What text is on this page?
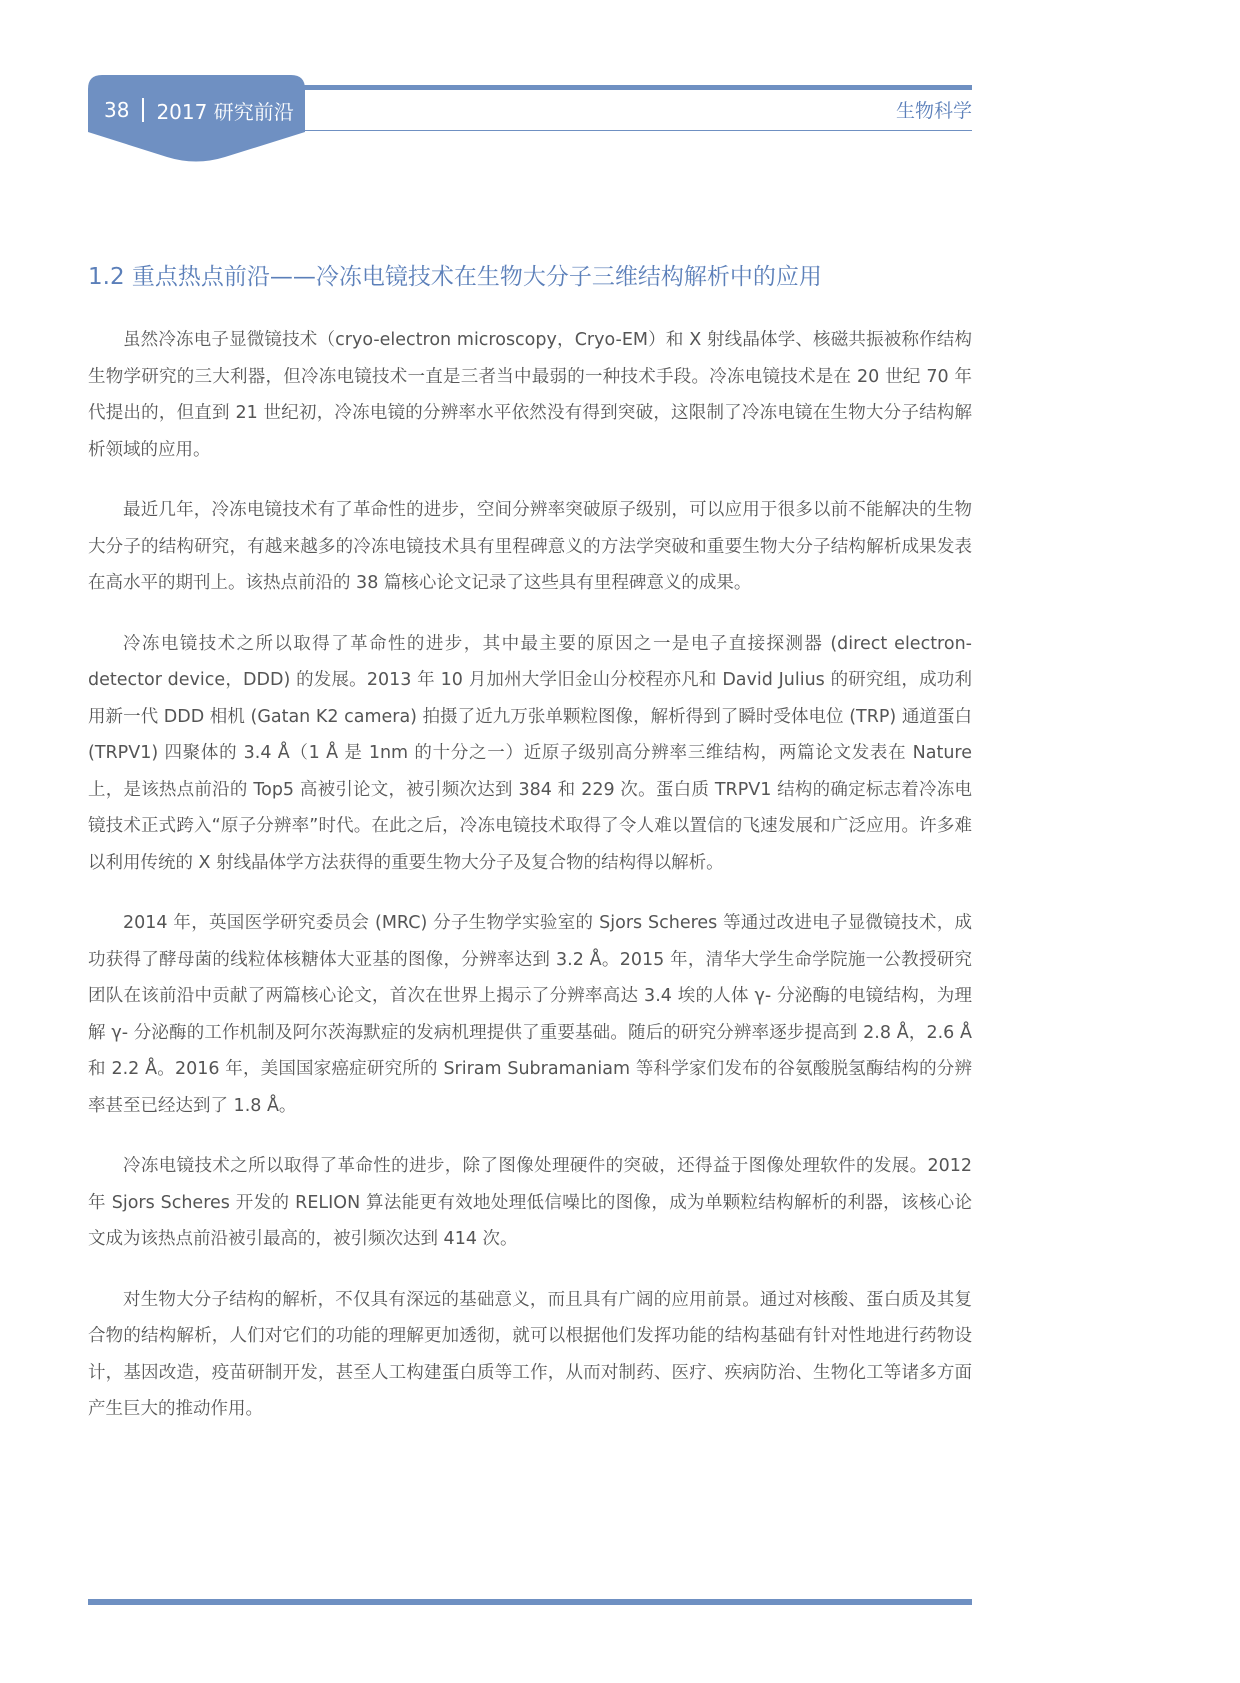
38 2017 研究前沿	生物科学
1.2 重点热点前沿——冷冻电镜技术在生物大分子三维结构解析中的应用

虽然冷冻电子显微镜技术（cryo-electron microscopy，Cryo-EM）和 X 射线晶体学、核磁共振被称作结构生物学研究的三大利器，但冷冻电镜技术一直是三者当中最弱的一种技术手段。冷冻电镜技术是在 20 世纪 70 年代提出的，但直到 21 世纪初，冷冻电镜的分辨率水平依然没有得到突破，这限制了冷冻电镜在生物大分子结构解析领域的应用。

最近几年，冷冻电镜技术有了革命性的进步，空间分辨率突破原子级别，可以应用于很多以前不能解决的生物大分子的结构研究，有越来越多的冷冻电镜技术具有里程碑意义的方法学突破和重要生物大分子结构解析成果发表在高水平的期刊上。该热点前沿的 38 篇核心论文记录了这些具有里程碑意义的成果。

冷冻电镜技术之所以取得了革命性的进步，其中最主要的原因之一是电子直接探测器 (direct electron-detector device，DDD) 的发展。2013 年 10 月加州大学旧金山分校程亦凡和 David Julius 的研究组，成功利用新一代 DDD 相机 (Gatan K2 camera) 拍摄了近九万张单颗粒图像，解析得到了瞬时受体电位 (TRP) 通道蛋白 (TRPV1) 四聚体的 3.4 Å（1 Å 是 1nm 的十分之一）近原子级别高分辨率三维结构，两篇论文发表在 Nature 上，是该热点前沿的 Top5 高被引论文，被引频次达到 384 和 229 次。蛋白质 TRPV1 结构的确定标志着冷冻电镜技术正式跨入“原子分辨率”时代。在此之后，冷冻电镜技术取得了令人难以置信的飞速发展和广泛应用。许多难以利用传统的 X 射线晶体学方法获得的重要生物大分子及复合物的结构得以解析。

2014 年，英国医学研究委员会 (MRC) 分子生物学实验室的 Sjors Scheres 等通过改进电子显微镜技术，成功获得了酵母菌的线粒体核糖体大亚基的图像，分辨率达到 3.2 Å。2015 年，清华大学生命学院施一公教授研究团队在该前沿中贡献了两篇核心论文，首次在世界上揭示了分辨率高达 3.4 埃的人体 γ- 分泌酶的电镜结构，为理解 γ- 分泌酶的工作机制及阿尔茨海默症的发病机理提供了重要基础。随后的研究分辨率逐步提高到 2.8 Å，2.6 Å 和 2.2 Å。2016 年，美国国家癌症研究所的 Sriram Subramaniam 等科学家们发布的谷氨酸脱氢酶结构的分辨率甚至已经达到了 1.8 Å。

冷冻电镜技术之所以取得了革命性的进步，除了图像处理硬件的突破，还得益于图像处理软件的发展。2012 年 Sjors Scheres 开发的 RELION 算法能更有效地处理低信噪比的图像，成为单颗粒结构解析的利器，该核心论文成为该热点前沿被引最高的，被引频次达到 414 次。

对生物大分子结构的解析，不仅具有深远的基础意义，而且具有广阔的应用前景。通过对核酸、蛋白质及其复合物的结构解析，人们对它们的功能的理解更加透彻，就可以根据他们发挥功能的结构基础有针对性地进行药物设计，基因改造，疫苗研制开发，甚至人工构建蛋白质等工作，从而对制药、医疗、疾病防治、生物化工等诸多方面产生巨大的推动作用。
